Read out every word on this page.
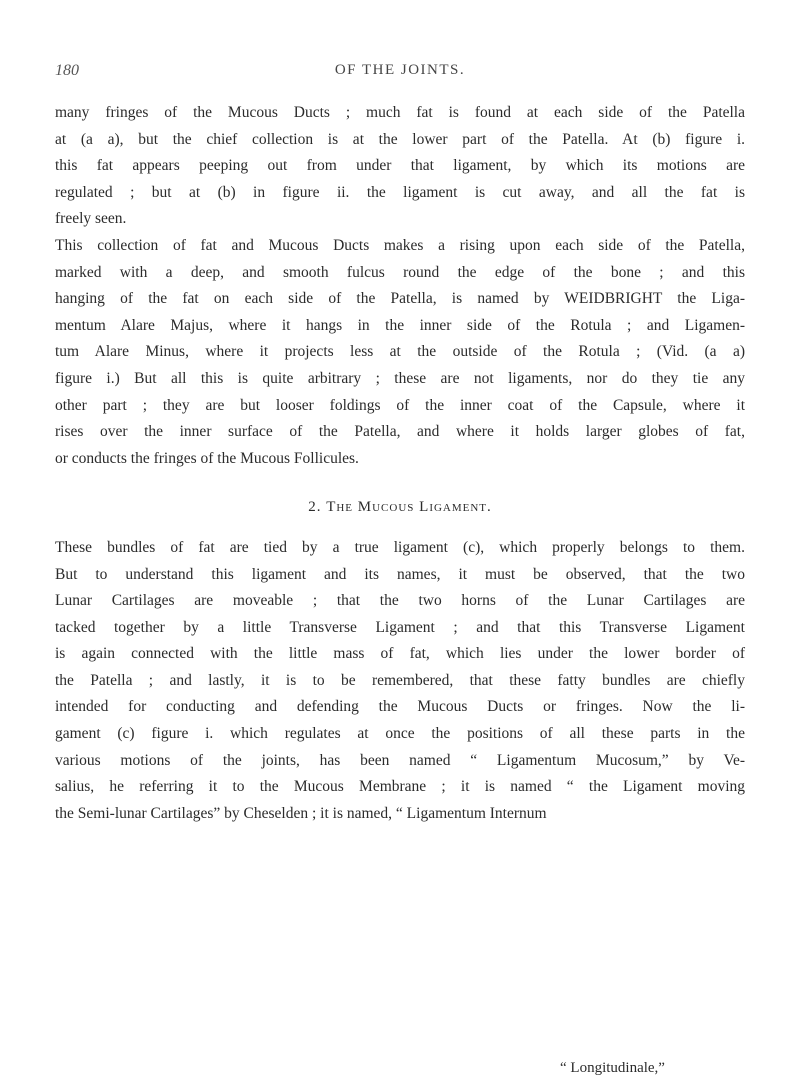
180	OF THE JOINTS.

many fringes of the Mucous Ducts ; much fat is found at each side of the Patella
at (a a), but the chief collection is at the lower part of the Patella. At (b) figure i.
this fat appears peeping out from under that ligament, by which its motions are
regulated ; but at (b) in figure ii. the ligament is cut away, and all the fat is
freely seen.

This collection of fat and Mucous Ducts makes a rising upon each side of the Patella,
marked with a deep, and smooth fulcus round the edge of the bone ; and this
hanging of the fat on each side of the Patella, is named by WEIDBRIGHT the Liga-
mentum Alare Majus, where it hangs in the inner side of the Rotula ; and Ligamen-
tum Alare Minus, where it projects less at the outside of the Rotula ; (Vid. (a a)
figure i.) But all this is quite arbitrary ; these are not ligaments, nor do they tie any
other part ; they are but looser foldings of the inner coat of the Capsule, where it
rises over the inner surface of the Patella, and where it holds larger globes of fat,
or conducts the fringes of the Mucous Follicules.

2. The Mucous Ligament.

These bundles of fat are tied by a true ligament (c), which properly belongs to them.
But to understand this ligament and its names, it must be observed, that the two
Lunar Cartilages are moveable ; that the two horns of the Lunar Cartilages are
tacked together by a little Transverse Ligament ; and that this Transverse Ligament
is again connected with the little mass of fat, which lies under the lower border of
the Patella ; and lastly, it is to be remembered, that these fatty bundles are chiefly
intended for conducting and defending the Mucous Ducts or fringes. Now the li-
gament (c) figure i. which regulates at once the positions of all these parts in the
various motions of the joints, has been named “ Ligamentum Mucosum,” by Ve-
salius, he referring it to the Mucous Membrane ; it is named “ the Ligament moving
the Semi-lunar Cartilages” by Cheselden ; it is named, “ Ligamentum Internum

“ Longitudinale,”
